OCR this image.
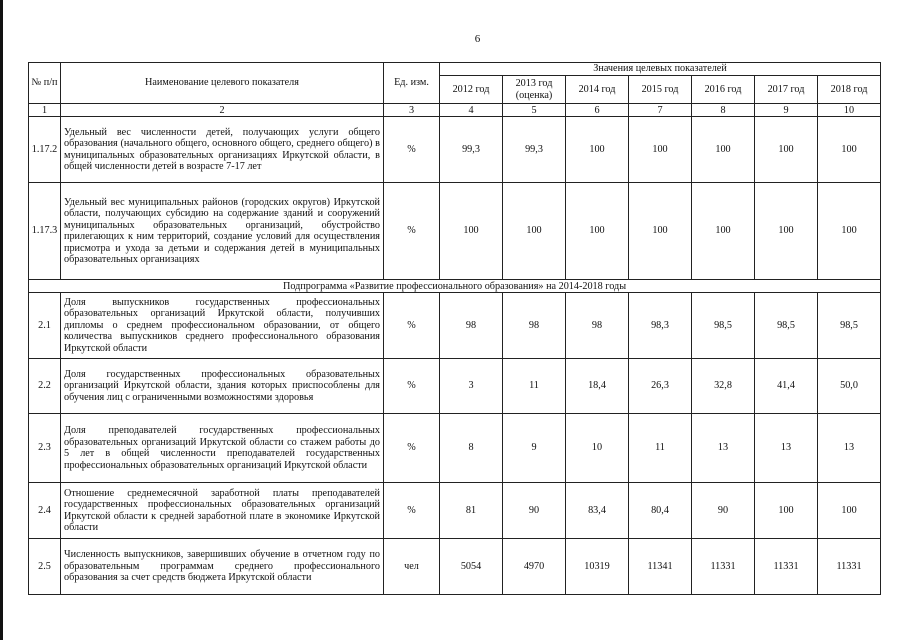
6
№ п/п	Наименование целевого показателя	Ед. изм.	Значения целевых показателей						
			2012 год	2013 год (оценка)	2014 год	2015 год	2016 год	2017 год	2018 год
1	2	3	4	5	6	7	8	9	10
1.17.2	Удельный вес численности детей, получающих услуги общего образования (начального общего, основного общего, среднего общего) в муниципальных образовательных организациях Иркутской области, в общей численности детей в возрасте 7-17 лет	%	99,3	99,3	100	100	100	100	100
1.17.3	Удельный вес муниципальных районов (городских округов) Иркутской области, получающих субсидию на содержание зданий и сооружений муниципальных образовательных организаций, обустройство прилегающих к ним территорий, создание условий для осуществления присмотра и ухода за детьми и содержания детей в муниципальных образовательных организациях	%	100	100	100	100	100	100	100
Подпрограмма «Развитие профессионального образования» на 2014-2018 годы									
2.1	Доля выпускников государственных профессиональных образовательных организаций Иркутской области, получивших дипломы о среднем профессиональном образовании, от общего количества выпускников среднего профессионального образования Иркутской области	%	98	98	98	98,3	98,5	98,5	98,5
2.2	Доля государственных профессиональных образовательных организаций Иркутской области, здания которых приспособлены для обучения лиц с ограниченными возможностями здоровья	%	3	11	18,4	26,3	32,8	41,4	50,0
2.3	Доля преподавателей государственных профессиональных образовательных организаций Иркутской области со стажем работы до 5 лет в общей численности преподавателей государственных профессиональных образовательных организаций Иркутской области	%	8	9	10	11	13	13	13
2.4	Отношение среднемесячной заработной платы преподавателей государственных профессиональных образовательных организаций Иркутской области к средней заработной плате в экономике Иркутской области	%	81	90	83,4	80,4	90	100	100
2.5	Численность выпускников, завершивших обучение в отчетном году по образовательным программам среднего профессионального образования за счет средств бюджета Иркутской области	чел	5054	4970	10319	11341	11331	11331	11331
